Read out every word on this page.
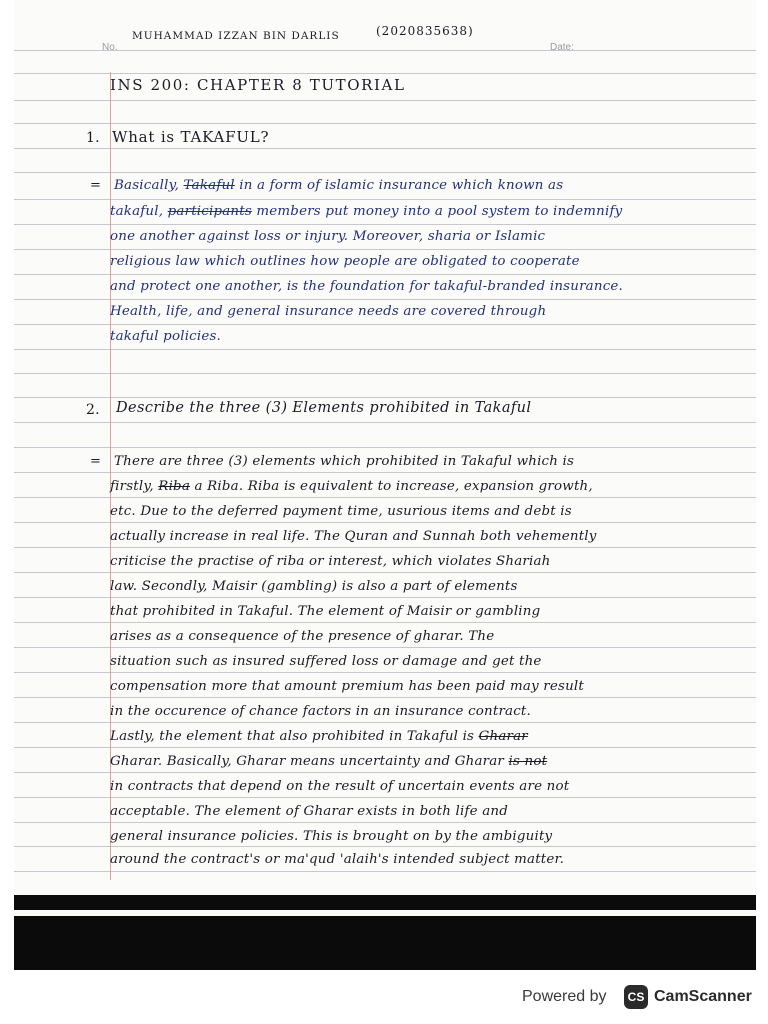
No.	Date:
MUHAMMAD IZZAN BIN DARLIS	(2020835638)
INS 200: CHAPTER 8 TUTORIAL
1. What is TAKAFUL?
= Basically, Takaful in a form of islamic insurance which known as
takaful, participants members put money into a pool system to indemnify
one another against loss or injury. Moreover, sharia or Islamic
religious law which outlines how people are obligated to cooperate
and protect one another, is the foundation for takaful-branded insurance.
Health, life, and general insurance needs are covered through
takaful policies.
2. Describe the three (3) Elements prohibited in Takaful
= There are three (3) elements which prohibited in Takaful which is
firstly, Riba a Riba. Riba is equivalent to increase, expansion growth,
etc. Due to the deferred payment time, usurious items and debt is
actually increase in real life. The Quran and Sunnah both vehemently
criticise the practise of riba or interest, which violates Shariah
law. Secondly, Maisir (gambling) is also a part of elements
that prohibited in Takaful. The element of Maisir or gambling
arises as a consequence of the presence of gharar. The
situation such as insured suffered loss or damage and get the
compensation more that amount premium has been paid may result
in the occurence of chance factors in an insurance contract.
Lastly, the element that also prohibited in Takaful is Gharar
Gharar. Basically, Gharar means uncertainty and Gharar is not
in contracts that depend on the result of uncertain events are not
acceptable. The element of Gharar exists in both life and
general insurance policies. This is brought on by the ambiguity
around the contract's or ma'qud 'alaih's intended subject matter.
Powered by CS CamScanner
